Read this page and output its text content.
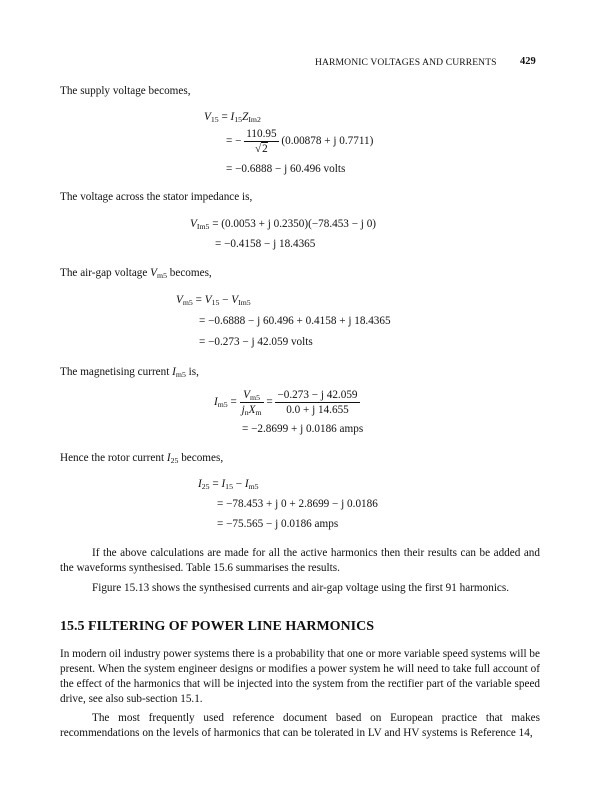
HARMONIC VOLTAGES AND CURRENTS 429
The supply voltage becomes,
$V_{15} = I_{15}Z_{Im2}$
= − $\frac{110.95}{√2} (0.00878 + j$ 0.7711)
= −0.6888 − j 60.496 volts
The voltage across the stator impedance is,
$V_{Im5} = (0.0053 + j$ 0.2350)(−78.453 − j 0)
= −0.4158 − j 18.4365
The air-gap voltage $V_{m5}$ becomes,
$V_{m5} = V_{15} - V_{Im5}$
= −0.6888 − j 60.496 + 0.4158 + j 18.4365
= −0.273 − j 42.059 volts
The magnetising current $I_{m5}$ is,
$I_{m5} = \frac{V_{m5}}{j_nX_m} = \frac{-0.273 - j 42.059}{0.0 + j 14.655}$
= −2.8699 + j 0.0186 amps
Hence the rotor current $I_{25}$ becomes,
$I_{25} = I_{15} - I_{m5}$
= −78.453 + j 0 + 2.8699 − j 0.0186
= −75.565 − j 0.0186 amps
If the above calculations are made for all the active harmonics then their results can be added and the waveforms synthesised. Table 15.6 summarises the results.
Figure 15.13 shows the synthesised currents and air-gap voltage using the first 91 harmonics.
15.5 FILTERING OF POWER LINE HARMONICS
In modern oil industry power systems there is a probability that one or more variable speed systems will be present. When the system engineer designs or modifies a power system he will need to take full account of the effect of the harmonics that will be injected into the system from the rectifier part of the variable speed drive, see also sub-section 15.1.
The most frequently used reference document based on European practice that makes recommendations on the levels of harmonics that can be tolerated in LV and HV systems is Reference 14,
